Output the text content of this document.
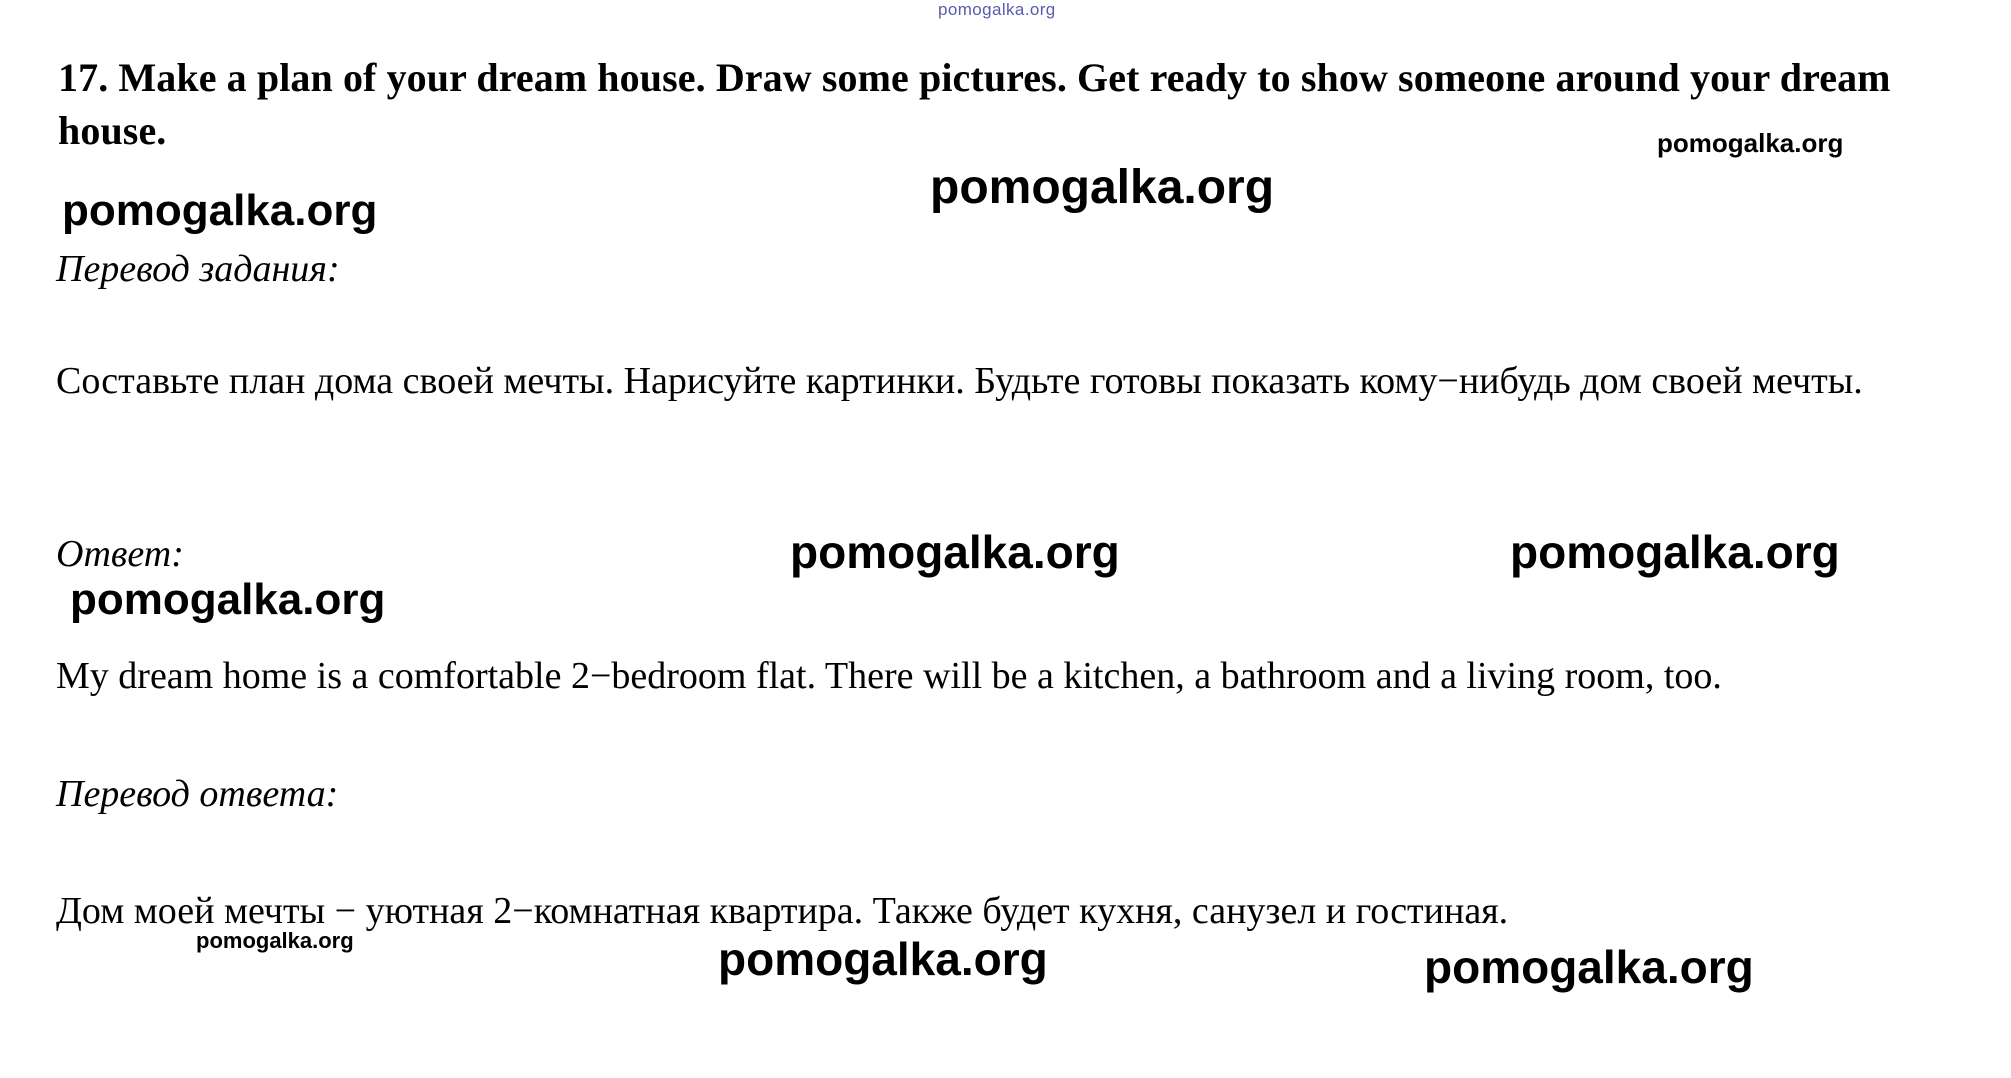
pomogalka.org
17. Make a plan of your dream house. Draw some pictures. Get ready to show someone around your dream house.	pomogalka.org
pomogalka.org
pomogalka.org
Перевод задания:
Составьте план дома своей мечты. Нарисуйте картинки. Будьте готовы показать кому−нибудь дом своей мечты.
Ответ:	pomogalka.org	pomogalka.org
pomogalka.org
My dream home is a comfortable 2−bedroom flat. There will be a kitchen, a bathroom and a living room, too.
Перевод ответа:
Дом моей мечты − уютная 2−комнатная квартира. Также будет кухня, санузел и гостиная.
pomogalka.org	pomogalka.org	pomogalka.org
